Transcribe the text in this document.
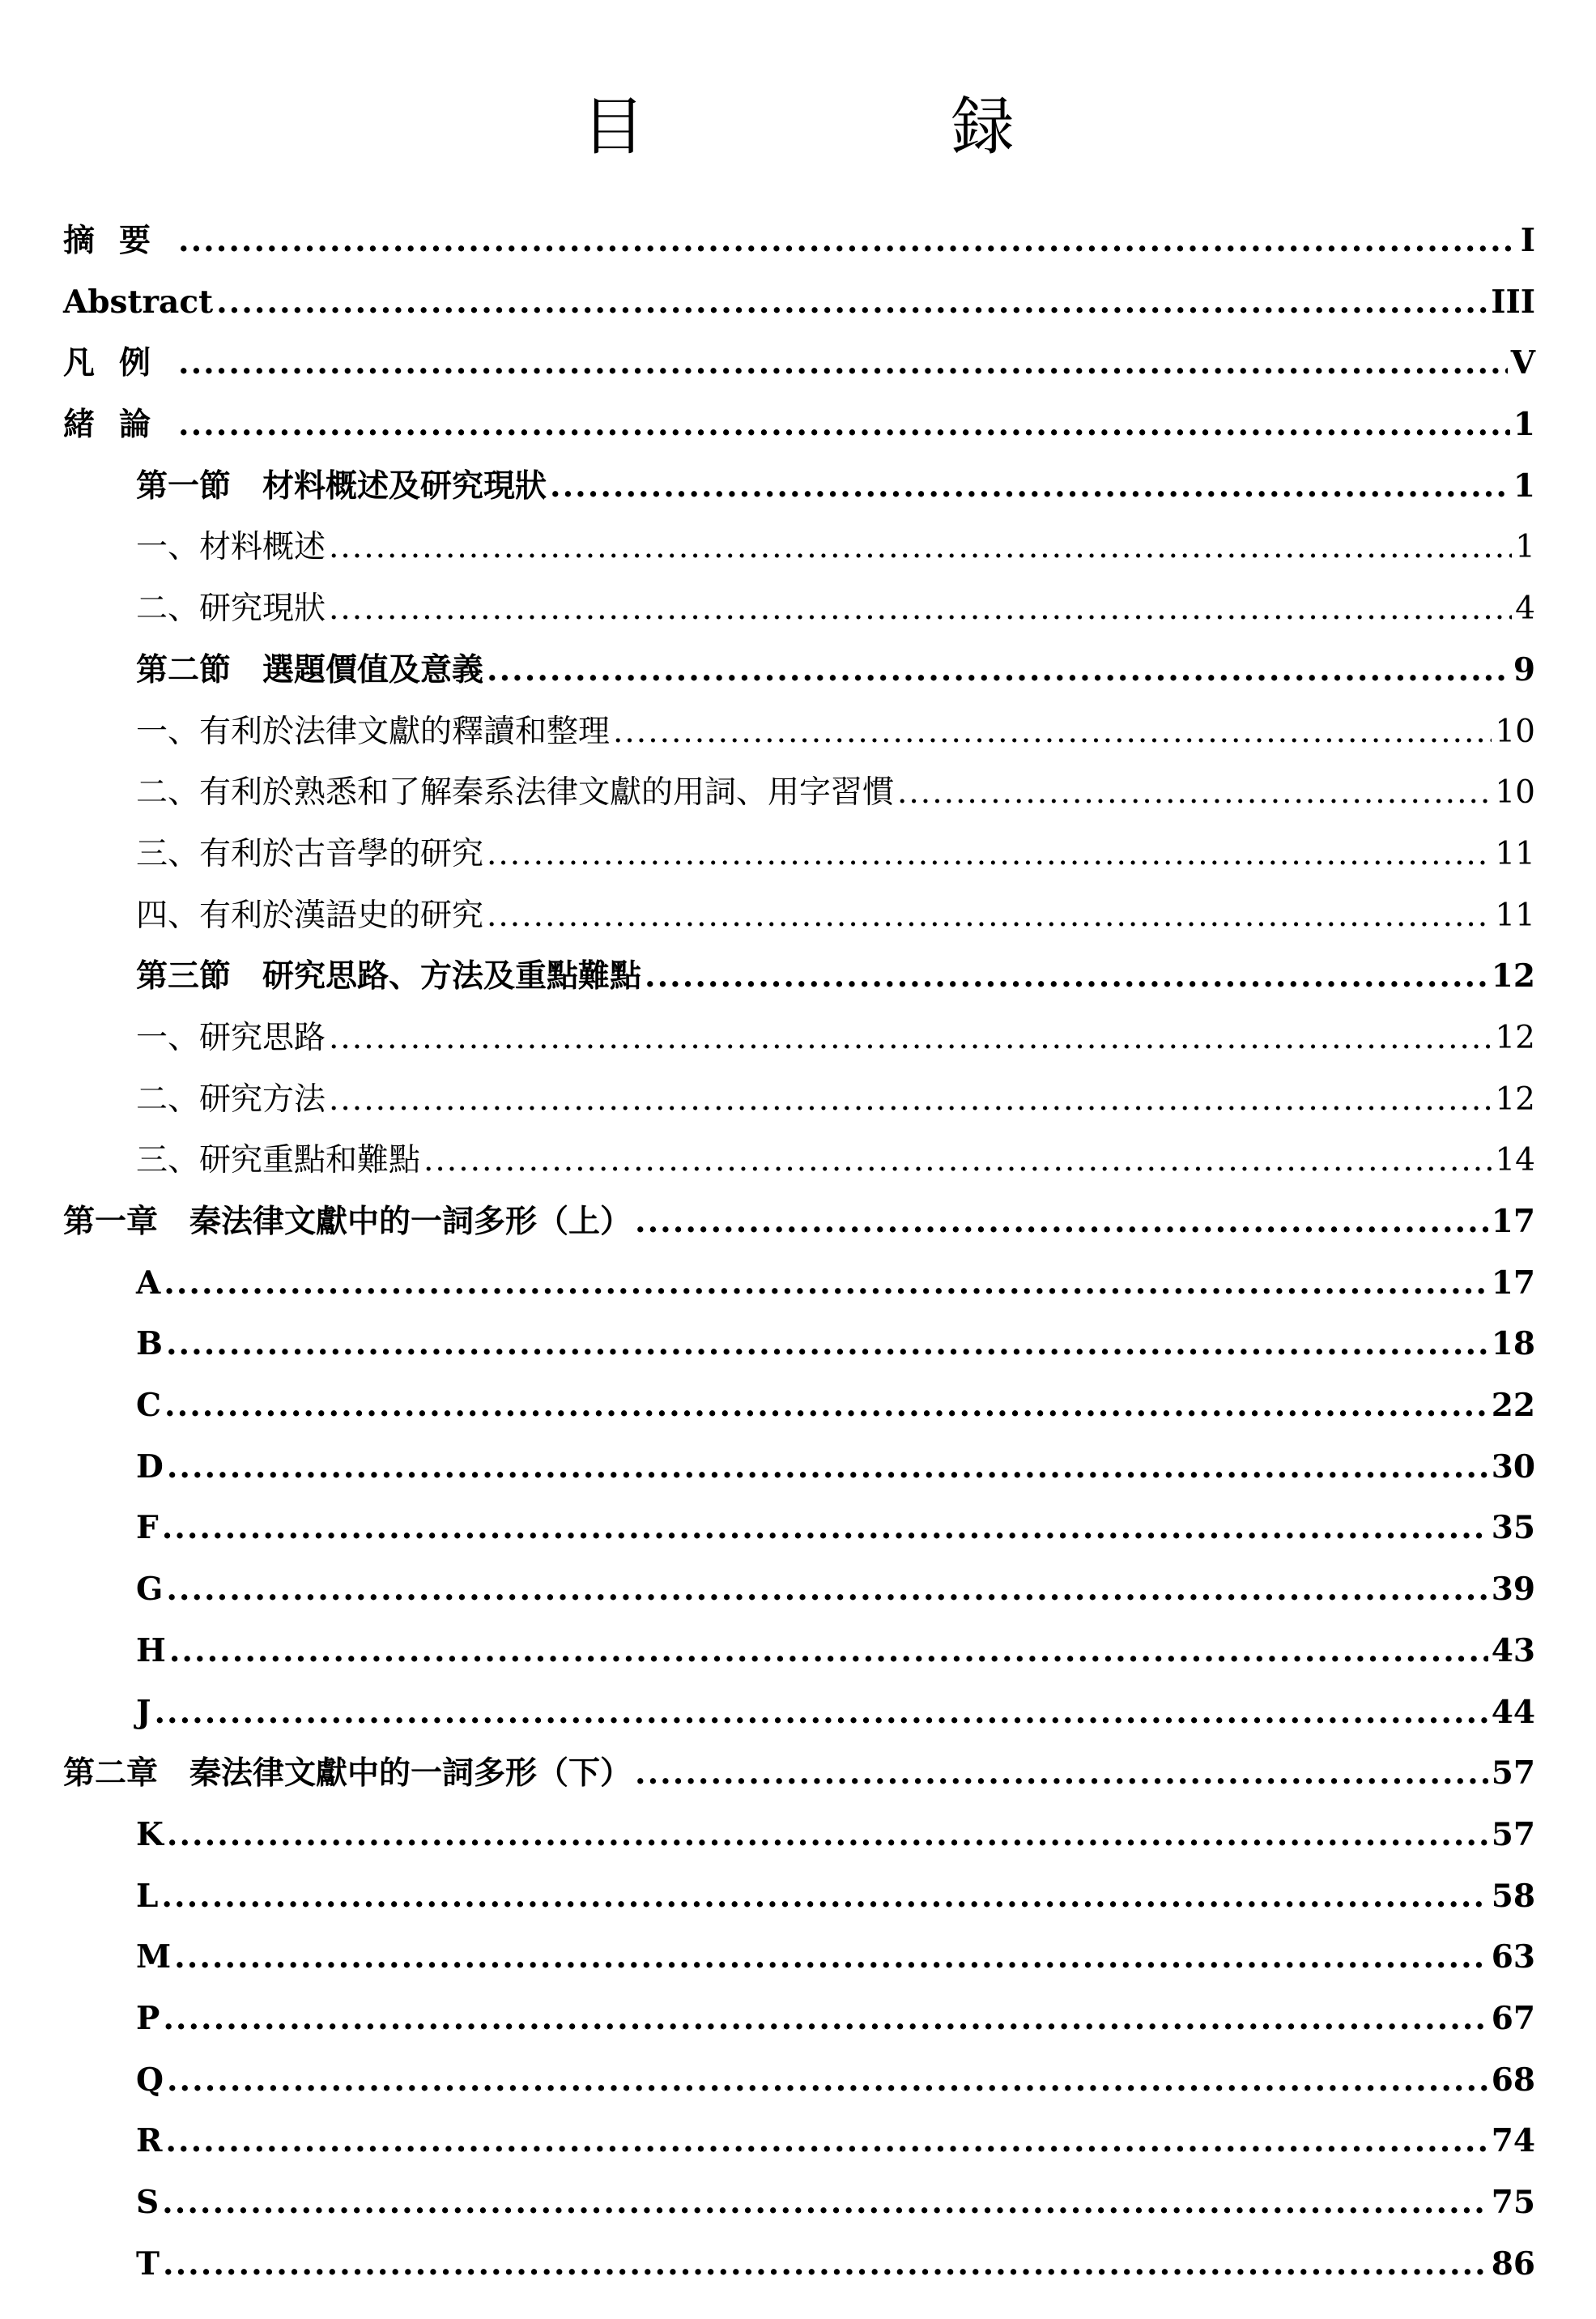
目　録
摘要 .....	I
Abstract .....	III
凡例 .....	V
緒論 .....	1
第一節　材料概述及研究現狀 .....	1
一、材料概述 .....	1
二、研究現狀 .....	4
第二節　選題價值及意義 .....	9
一、有利於法律文獻的釋讀和整理 .....	10
二、有利於熟悉和了解秦系法律文獻的用詞、用字習慣 .....	10
三、有利於古音學的研究 .....	11
四、有利於漢語史的研究 .....	11
第三節　研究思路、方法及重點難點 .....	12
一、研究思路 .....	12
二、研究方法 .....	12
三、研究重點和難點 .....	14
第一章　秦法律文獻中的一詞多形（上） .....	17
A .....	17
B .....	18
C .....	22
D .....	30
F .....	35
G .....	39
H .....	43
J .....	44
第二章　秦法律文獻中的一詞多形（下） .....	57
K .....	57
L .....	58
M .....	63
P .....	67
Q .....	68
R .....	74
S .....	75
T .....	86
